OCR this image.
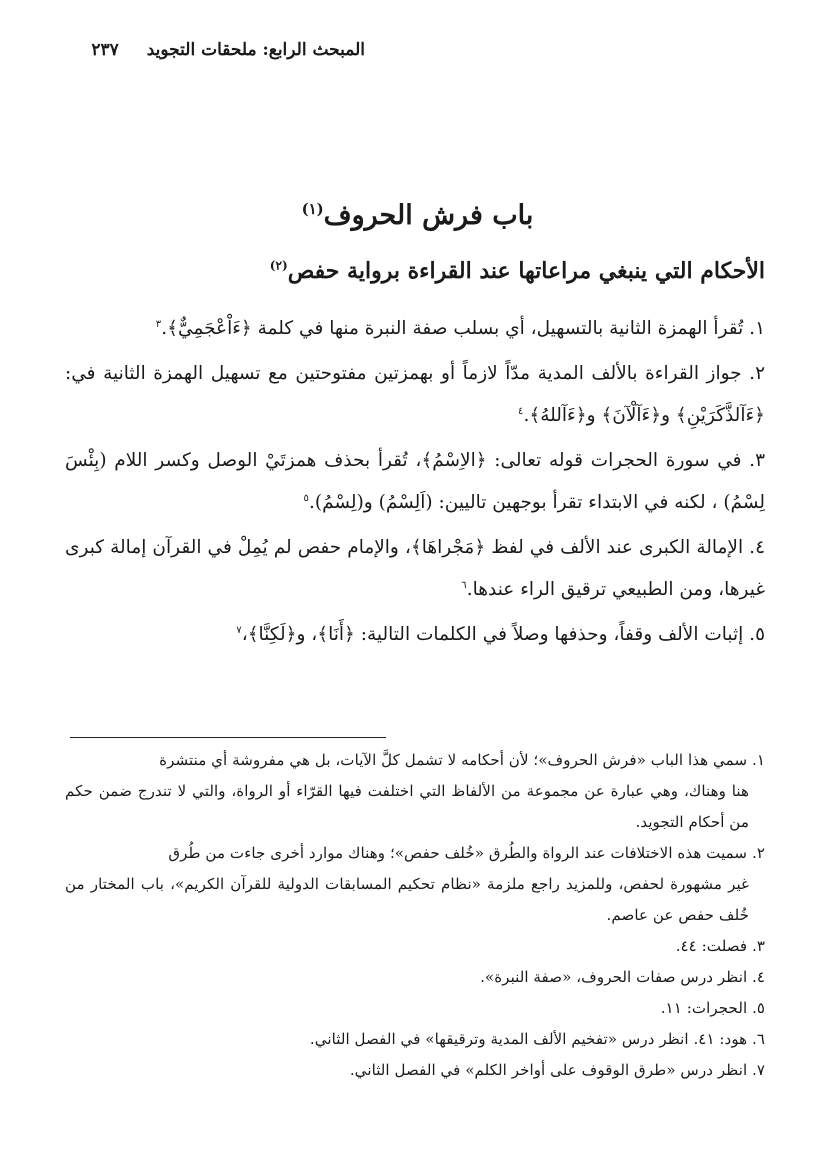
المبحث الرابع: ملحقات التجويد ٢٣٧
باب فرش الحروف$^{(١)}$
الأحكام التي ينبغي مراعاتها عند القراءة برواية حفص$^{(٢)}$

١. تُقرأ الهمزة الثانية بالتسهيل، أي بسلب صفة النبرة منها في كلمة ﴿ءَاْعْجَمِيٌّ﴾.$^٣$

٢. جواز القراءة بالألف المدية مدّاً لازماً أو بهمزتين مفتوحتين مع تسهيل الهمزة الثانية في: ﴿ءَآلذَّكَرَيْنِ﴾ و﴿ءَآلْآنَ﴾ و﴿ءَآللهُ﴾.$^٤$

٣. في سورة الحجرات قوله تعالى: ﴿الاِسْمُ﴾، تُقرأ بحذف همزتَيْ الوصل وكسر اللام (بِئْسَ لِسْمُ) ، لكنه في الابتداء تقرأ بوجهين تاليين: (اَلِسْمُ) و(لِسْمُ).$^٥$

٤. الإمالة الكبرى عند الألف في لفظ ﴿مَجْراهَا﴾، والإمام حفص لم يُمِلْ في القرآن إمالة كبرى غيرها، ومن الطبيعي ترقيق الراء عندها.$^٦$

٥. إثبات الألف وقفاً، وحذفها وصلاً في الكلمات التالية: ﴿أَنَا﴾، و﴿لَكِنَّا﴾،$^٧$

١. سمي هذا الباب «فرش الحروف»؛ لأن أحكامه لا تشمل كلَّ الآيات، بل هي مفروشة أي منتشرة

هنا وهناك، وهي عبارة عن مجموعة من الألفاظ التي اختلفت فيها القرّاء أو الرواة، والتي لا تندرج ضمن حكم من أحكام التجويد.

٢. سميت هذه الاختلافات عند الرواة والطُرق «خُلف حفص»؛ وهناك موارد أخرى جاءت من طُرق

غير مشهورة لحفص، وللمزيد راجع ملزمة «نظام تحكيم المسابقات الدولية للقرآن الكريم»، باب المختار من خُلف حفص عن عاصم.

٣. فصلت: ٤٤.

٤. انظر درس صفات الحروف، «صفة النبرة».

٥. الحجرات: ١١.

٦. هود: ٤١. انظر درس «تفخيم الألف المدية وترقيقها» في الفصل الثاني.

٧. انظر درس «طرق الوقوف على أواخر الكلم» في الفصل الثاني.
